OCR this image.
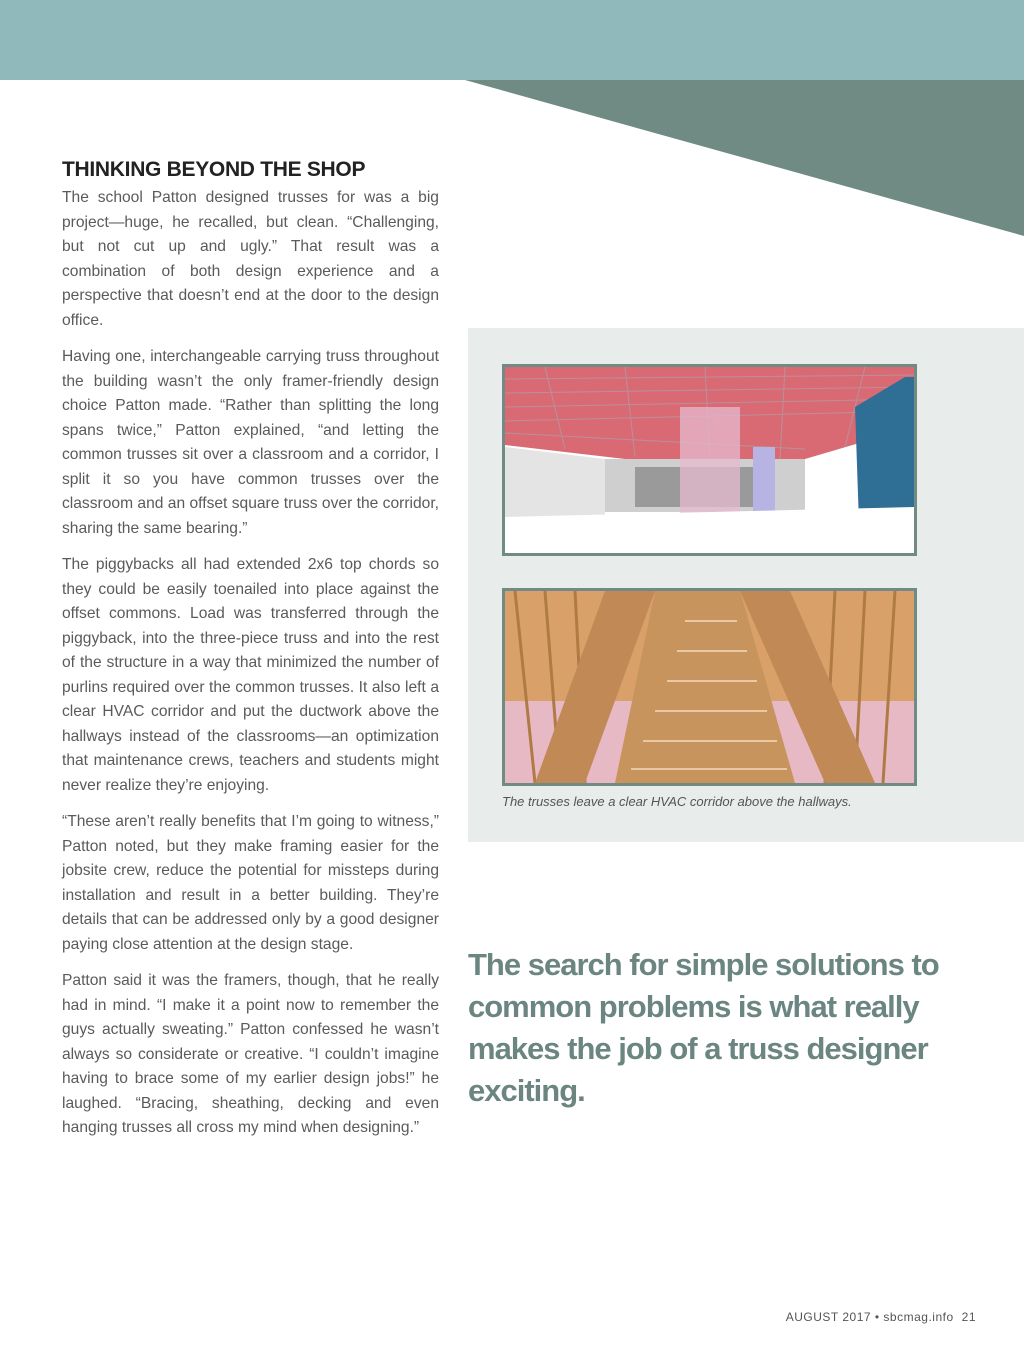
THINKING BEYOND THE SHOP

The school Patton designed trusses for was a big project—huge, he recalled, but clean. “Challenging, but not cut up and ugly.” That result was a combination of both design experience and a perspective that doesn’t end at the door to the design office.

Having one, interchangeable carrying truss throughout the building wasn’t the only framer-friendly design choice Patton made. “Rather than splitting the long spans twice,” Patton explained, “and letting the common trusses sit over a classroom and a corridor, I split it so you have common trusses over the classroom and an offset square truss over the corridor, sharing the same bearing.”

The piggybacks all had extended 2x6 top chords so they could be easily toenailed into place against the offset commons. Load was transferred through the piggyback, into the three-piece truss and into the rest of the structure in a way that minimized the number of purlins required over the common trusses. It also left a clear HVAC corridor and put the ductwork above the hallways instead of the classrooms—an optimization that maintenance crews, teachers and students might never realize they’re enjoying.

“These aren’t really benefits that I’m going to witness,” Patton noted, but they make framing easier for the jobsite crew, reduce the potential for missteps during installation and result in a better building. They’re details that can be addressed only by a good designer paying close attention at the design stage.

Patton said it was the framers, though, that he really had in mind. “I make it a point now to remember the guys actually sweating.” Patton confessed he wasn’t always so considerate or creative. “I couldn’t imagine having to brace some of my earlier design jobs!” he laughed. “Bracing, sheathing, decking and even hanging trusses all cross my mind when designing.”

The trusses leave a clear HVAC corridor above the hallways.

The search for simple solutions to common problems is what really makes the job of a truss designer exciting.

AUGUST 2017 • sbcmag.info 21
